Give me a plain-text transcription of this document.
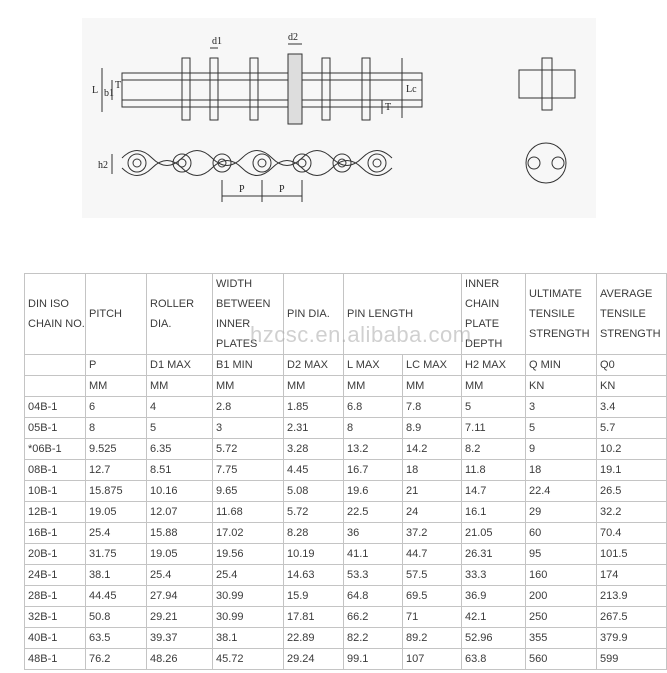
d1	d2
L b1
T	Lc
T
h2
P	P
DIN ISO CHAIN NO.	PITCH	ROLLER DIA.	WIDTH BETWEEN INNER PLATES	PIN DIA.	PIN LENGTH		INNER CHAIN PLATE DEPTH	ULTIMATE TENSILE STRENGTH	AVERAGE TENSILE STRENGTH
	P	D1 MAX	B1 MIN	D2 MAX	L MAX	LC MAX	H2 MAX	Q MIN	Q0
	MM	MM	MM	MM	MM	MM	MM	KN	KN
04B-1	6	4	2.8	1.85	6.8	7.8	5	3	3.4
05B-1	8	5	3	2.31	8	8.9	7.11	5	5.7
*06B-1	9.525	6.35	5.72	3.28	13.2	14.2	8.2	9	10.2
08B-1	12.7	8.51	7.75	4.45	16.7	18	11.8	18	19.1
10B-1	15.875	10.16	9.65	5.08	19.6	21	14.7	22.4	26.5
12B-1	19.05	12.07	11.68	5.72	22.5	24	16.1	29	32.2
16B-1	25.4	15.88	17.02	8.28	36	37.2	21.05	60	70.4
20B-1	31.75	19.05	19.56	10.19	41.1	44.7	26.31	95	101.5
24B-1	38.1	25.4	25.4	14.63	53.3	57.5	33.3	160	174
28B-1	44.45	27.94	30.99	15.9	64.8	69.5	36.9	200	213.9
32B-1	50.8	29.21	30.99	17.81	66.2	71	42.1	250	267.5
40B-1	63.5	39.37	38.1	22.89	82.2	89.2	52.96	355	379.9
48B-1	76.2	48.26	45.72	29.24	99.1	107	63.8	560	599
hzcsc.en.alibaba.com
